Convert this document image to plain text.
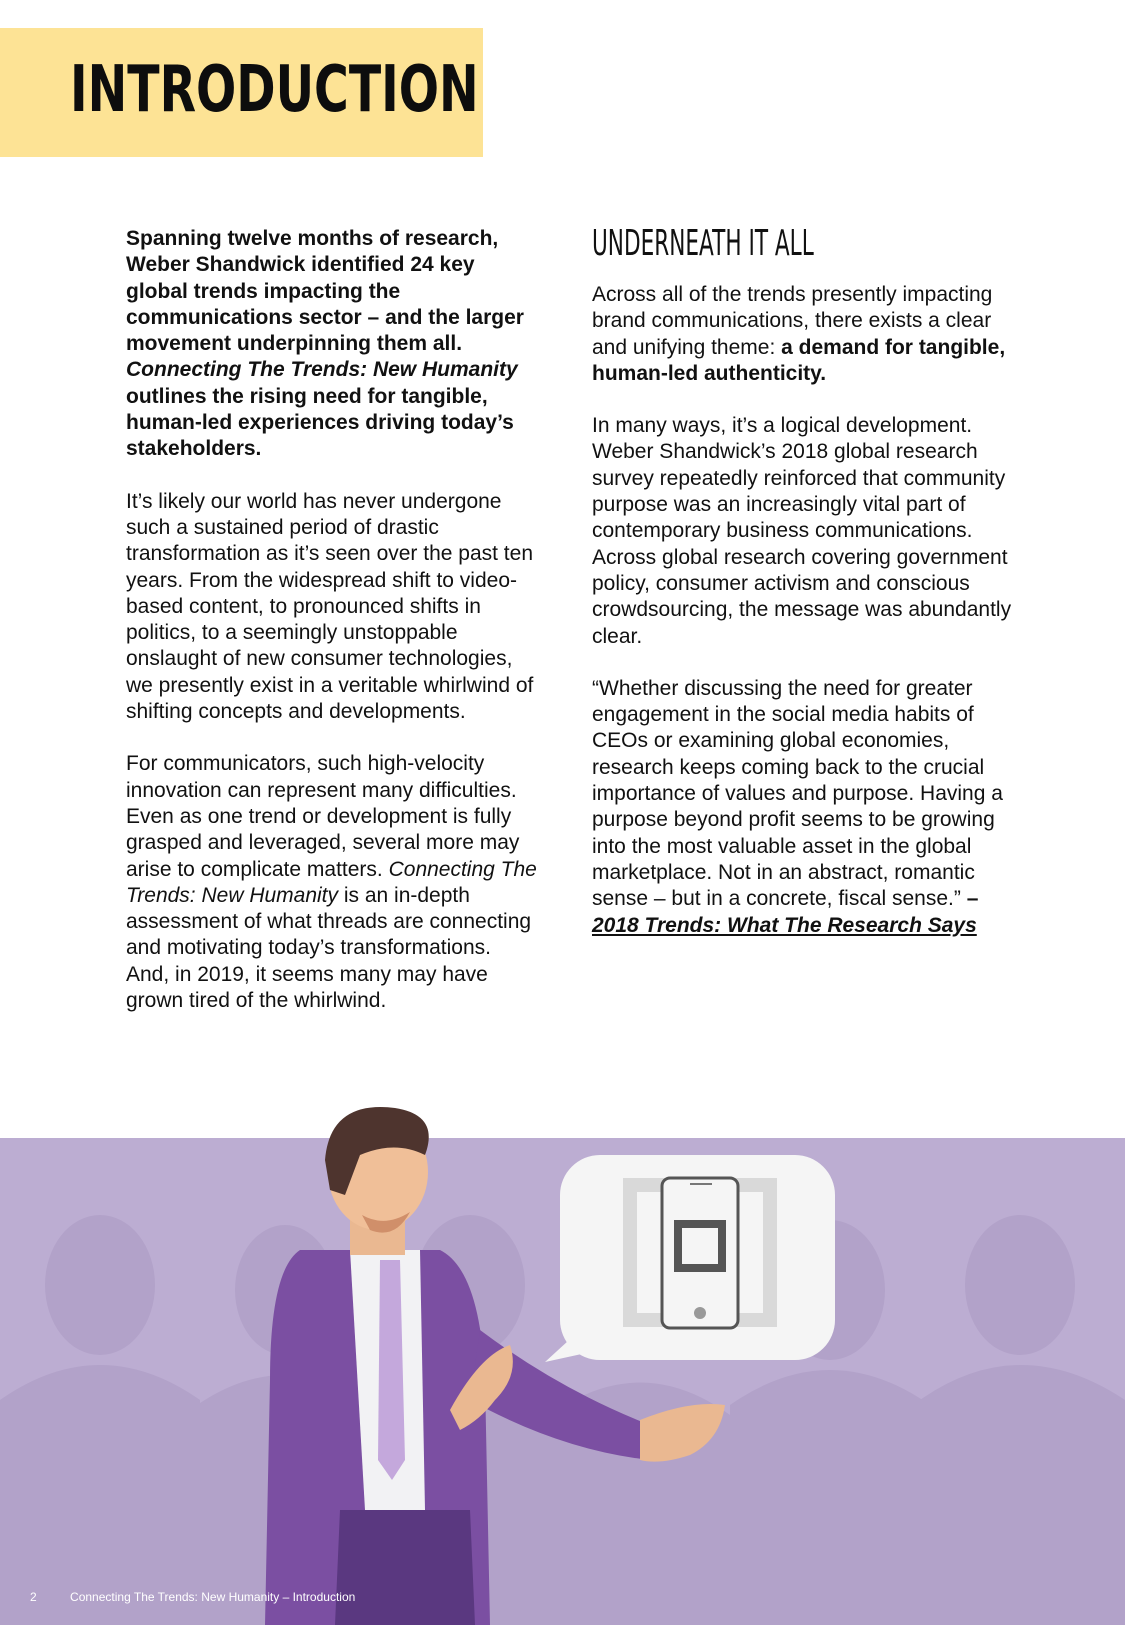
INTRODUCTION

Spanning twelve months of research, Weber Shandwick identified 24 key global trends impacting the communications sector – and the larger movement underpinning them all. Connecting The Trends: New Humanity outlines the rising need for tangible, human-led experiences driving today’s stakeholders.

It’s likely our world has never undergone such a sustained period of drastic transformation as it’s seen over the past ten years. From the widespread shift to video-based content, to pronounced shifts in politics, to a seemingly unstoppable onslaught of new consumer technologies, we presently exist in a veritable whirlwind of shifting concepts and developments.

For communicators, such high-velocity innovation can represent many difficulties. Even as one trend or development is fully grasped and leveraged, several more may arise to complicate matters. Connecting The Trends: New Humanity is an in-depth assessment of what threads are connecting and motivating today’s transformations. And, in 2019, it seems many may have grown tired of the whirlwind.

UNDERNEATH IT ALL

Across all of the trends presently impacting brand communications, there exists a clear and unifying theme: a demand for tangible, human-led authenticity.

In many ways, it’s a logical development. Weber Shandwick’s 2018 global research survey repeatedly reinforced that community purpose was an increasingly vital part of contemporary business communications. Across global research covering government policy, consumer activism and conscious crowdsourcing, the message was abundantly clear.

“Whether discussing the need for greater engagement in the social media habits of CEOs or examining global economies, research keeps coming back to the crucial importance of values and purpose. Having a purpose beyond profit seems to be growing into the most valuable asset in the global marketplace. Not in an abstract, romantic sense – but in a concrete, fiscal sense.” – 2018 Trends: What The Research Says

2	Connecting The Trends: New Humanity – Introduction
